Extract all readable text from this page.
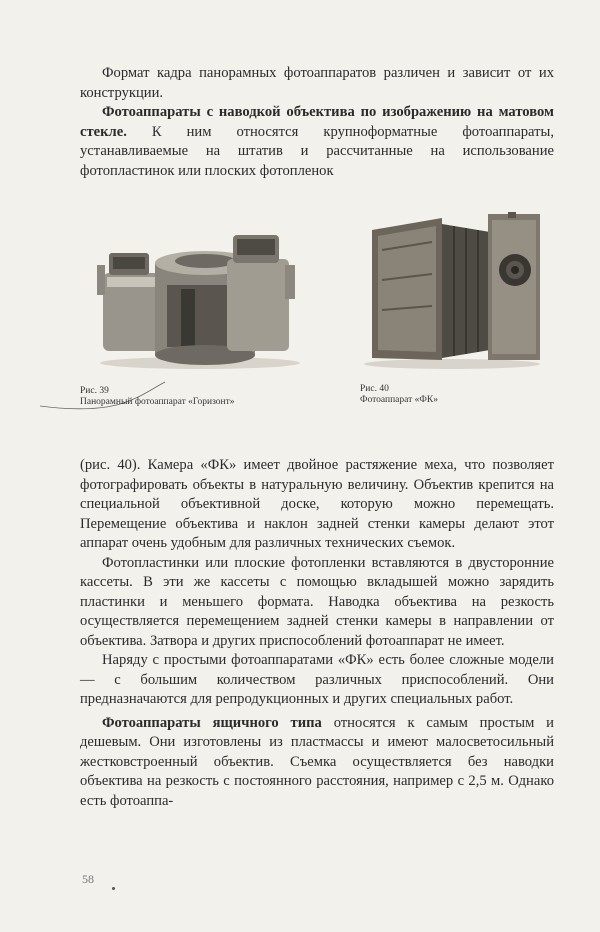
Формат кадра панорамных фотоаппаратов различен и зависит от их конструкции.

Фотоаппараты с наводкой объектива по изображению на матовом стекле. К ним относятся крупноформатные фотоаппараты, устанавливаемые на штатив и рассчитанные на использование фотопластинок или плоских фотопленок

Рис. 39
Панорамный фотоаппарат «Горизонт»
Рис. 40
Фотоаппарат «ФК»

(рис. 40). Камера «ФК» имеет двойное растяжение меха, что позволяет фотографировать объекты в натуральную величину. Объектив крепится на специальной объективной доске, которую можно перемещать. Перемещение объектива и наклон задней стенки камеры делают этот аппарат очень удобным для различных технических съемок.

Фотопластинки или плоские фотопленки вставляются в двусторонние кассеты. В эти же кассеты с помощью вкладышей можно зарядить пластинки и меньшего формата. Наводка объектива на резкость осуществляется перемещением задней стенки камеры в направлении от объектива. Затвора и других приспособлений фотоаппарат не имеет.

Наряду с простыми фотоаппаратами «ФК» есть более сложные модели — с большим количеством различных приспособлений. Они предназначаются для репродукционных и других специальных работ.

Фотоаппараты ящичного типа относятся к самым простым и дешевым. Они изготовлены из пластмассы и имеют малосветосильный жестковстроенный объектив. Съемка осуществляется без наводки объектива на резкость с постоянного расстояния, например с 2,5 м. Однако есть фотоаппа-

58
